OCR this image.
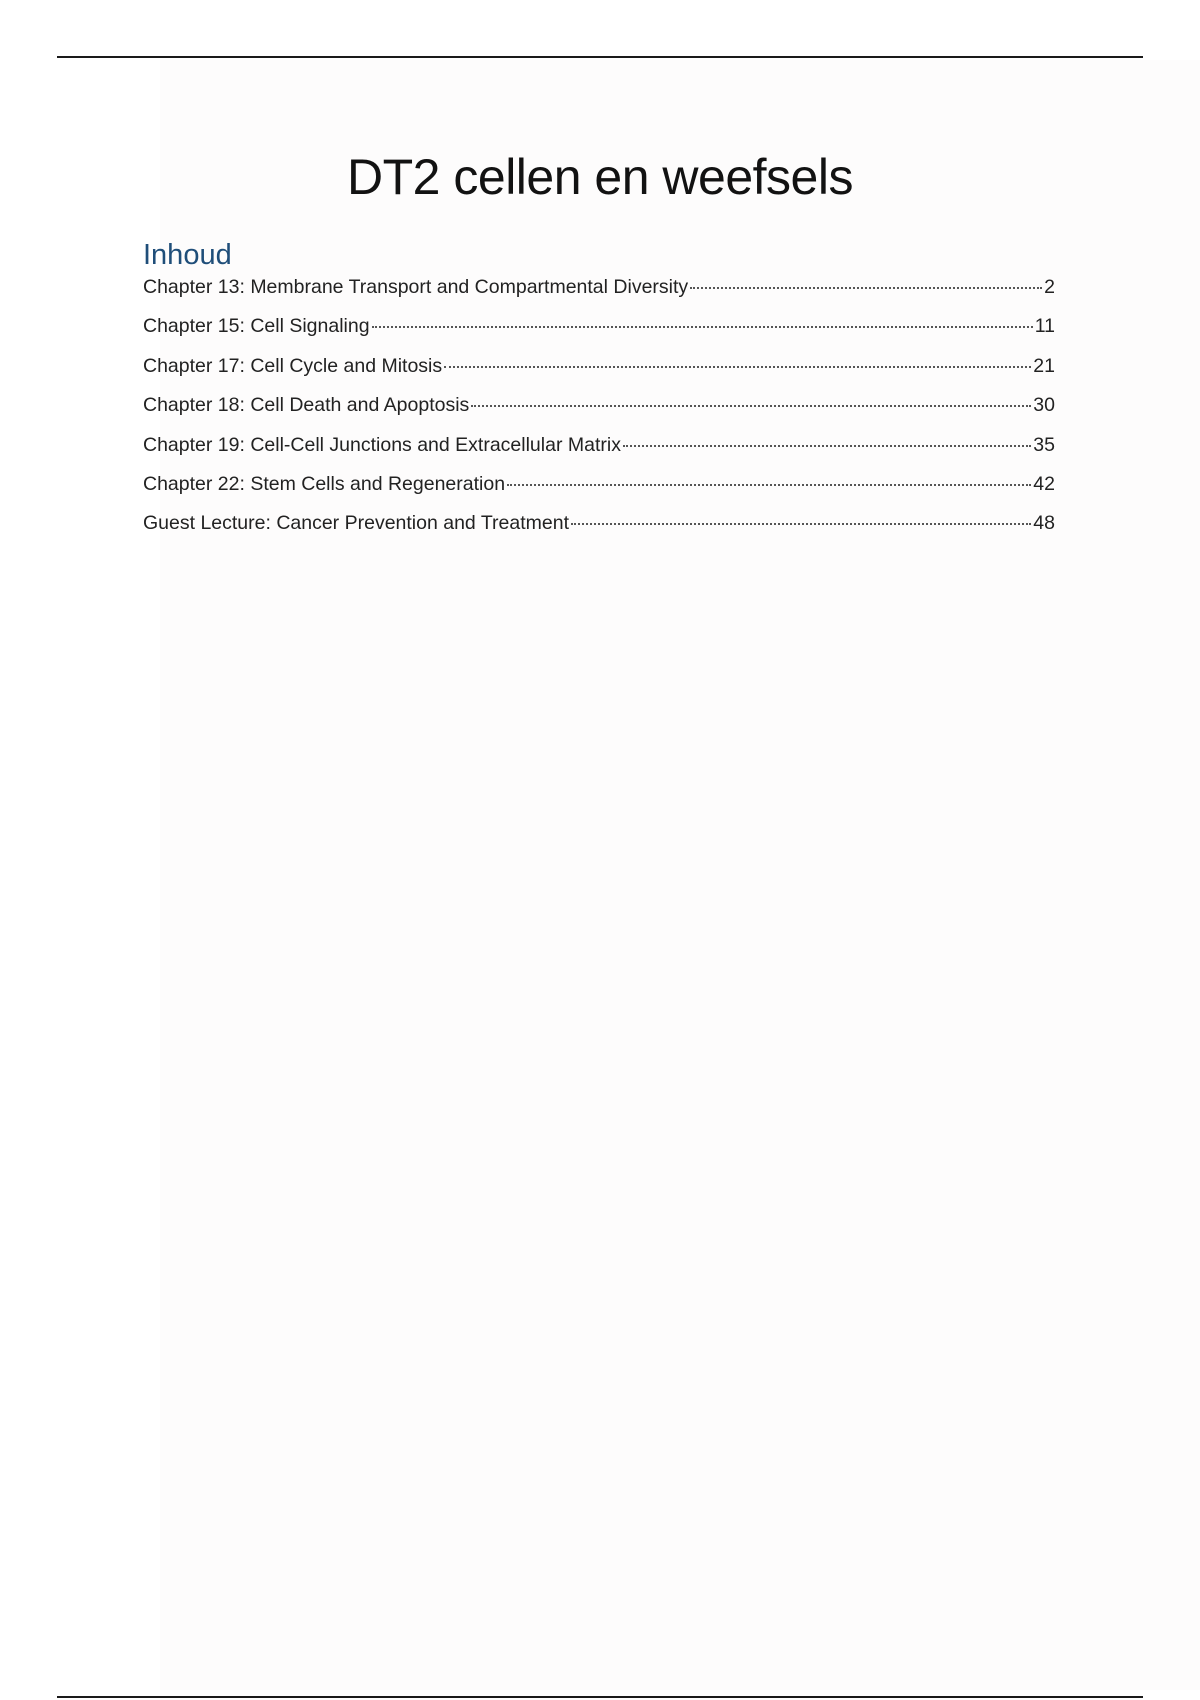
DT2 cellen en weefsels
Inhoud
Chapter 13: Membrane Transport and Compartmental Diversity	2
Chapter 15: Cell Signaling	11
Chapter 17: Cell Cycle and Mitosis	21
Chapter 18: Cell Death and Apoptosis	30
Chapter 19: Cell-Cell Junctions and Extracellular Matrix	35
Chapter 22: Stem Cells and Regeneration	42
Guest Lecture: Cancer Prevention and Treatment	48
